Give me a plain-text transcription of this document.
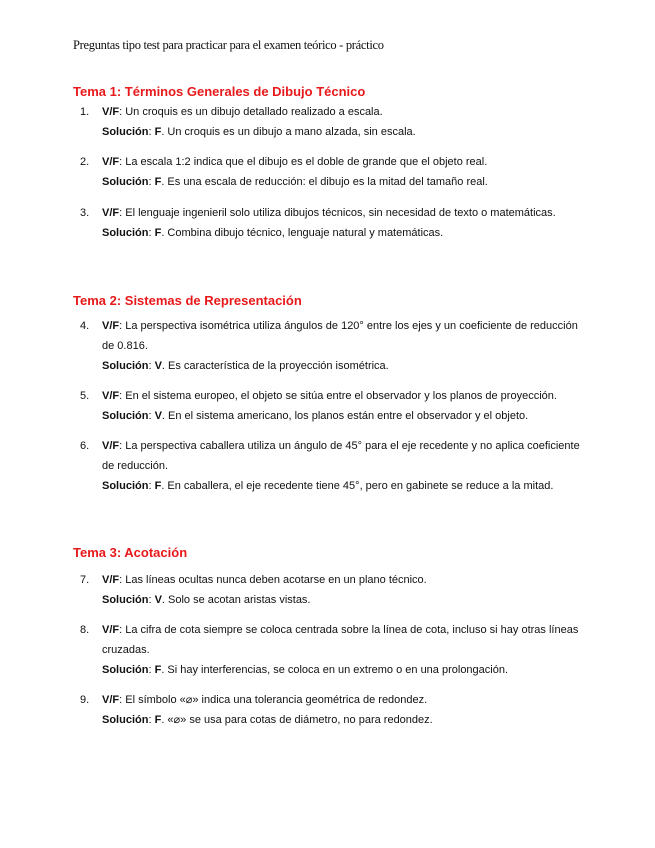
Preguntas tipo test para practicar para el examen teórico - práctico
Tema 1: Términos Generales de Dibujo Técnico
1.	V/F: Un croquis es un dibujo detallado realizado a escala.
Solución: F. Un croquis es un dibujo a mano alzada, sin escala.
2.	V/F: La escala 1:2 indica que el dibujo es el doble de grande que el objeto real.
Solución: F. Es una escala de reducción: el dibujo es la mitad del tamaño real.
3.	V/F: El lenguaje ingenieril solo utiliza dibujos técnicos, sin necesidad de texto o matemáticas.
Solución: F. Combina dibujo técnico, lenguaje natural y matemáticas.
Tema 2: Sistemas de Representación
4.	V/F: La perspectiva isométrica utiliza ángulos de 120° entre los ejes y un coeficiente de reducción de 0.816.
Solución: V. Es característica de la proyección isométrica.
5.	V/F: En el sistema europeo, el objeto se sitúa entre el observador y los planos de proyección.
Solución: V. En el sistema americano, los planos están entre el observador y el objeto.
6.	V/F: La perspectiva caballera utiliza un ángulo de 45° para el eje recedente y no aplica coeficiente de reducción.
Solución: F. En caballera, el eje recedente tiene 45°, pero en gabinete se reduce a la mitad.
Tema 3: Acotación
7.	V/F: Las líneas ocultas nunca deben acotarse en un plano técnico.
Solución: V. Solo se acotan aristas vistas.
8.	V/F: La cifra de cota siempre se coloca centrada sobre la línea de cota, incluso si hay otras líneas cruzadas.
Solución: F. Si hay interferencias, se coloca en un extremo o en una prolongación.
9.	V/F: El símbolo «⌀» indica una tolerancia geométrica de redondez.
Solución: F. «⌀» se usa para cotas de diámetro, no para redondez.
